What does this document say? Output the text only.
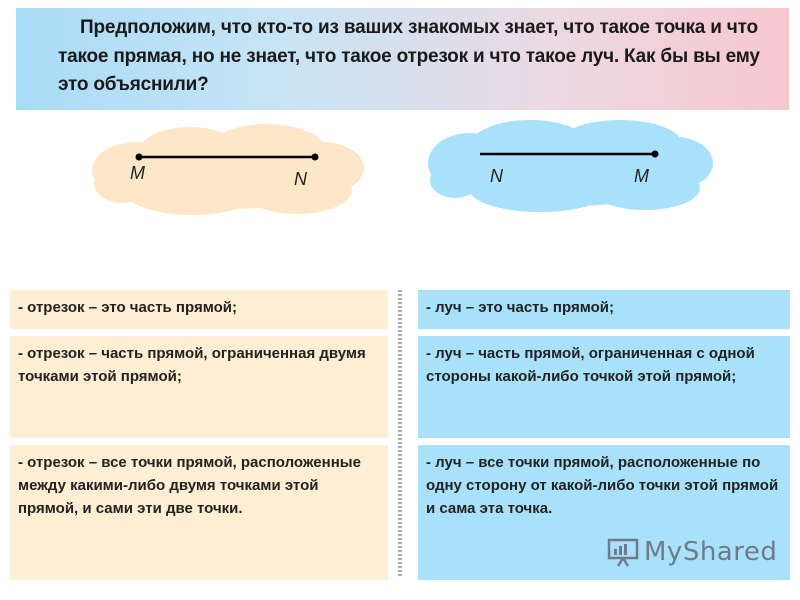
Предположим, что кто-то из ваших знакомых знает, что такое точка и что такое прямая, но не знает, что такое отрезок и что такое луч. Как бы вы ему это объяснили?

M	N	N	M
- отрезок – это часть прямой;
- отрезок – часть прямой, ограниченная двумя точками этой прямой;
- отрезок – все точки прямой, расположенные между какими-либо двумя точками этой прямой, и сами эти две точки.
- луч – это часть прямой;
- луч – часть прямой, ограниченная с одной стороны какой-либо точкой этой прямой;
- луч – все точки прямой, расположенные по одну сторону от какой-либо точки этой прямой и сама эта точка.
MyShared
